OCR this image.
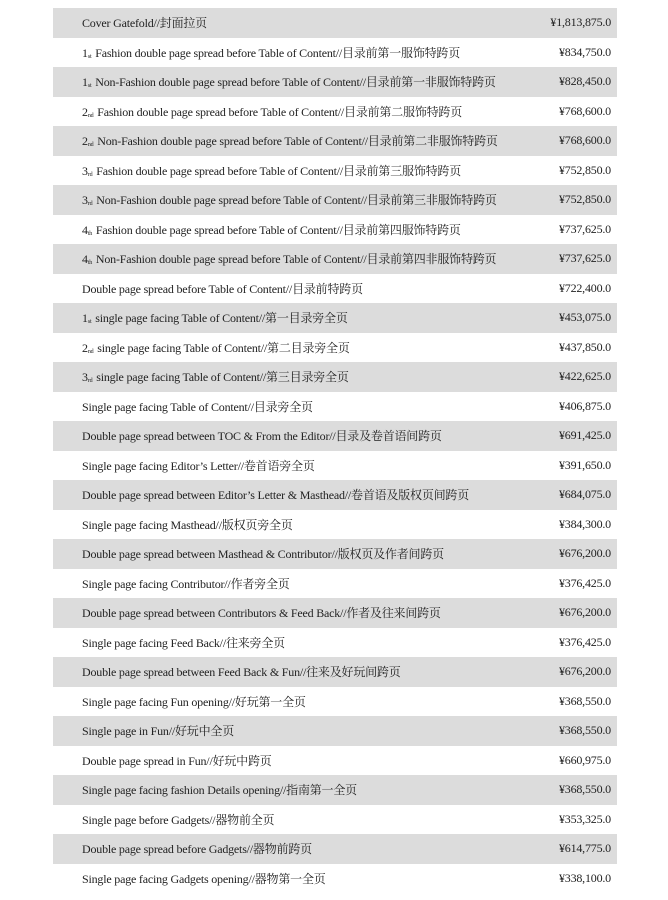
Cover Gatefold//封面拉页	¥1,813,875.0
1st Fashion double page spread before Table of Content//目录前第一服饰特跨页	¥834,750.0
1st Non-Fashion double page spread before Table of Content//目录前第一非服饰特跨页	¥828,450.0
2nd Fashion double page spread before Table of Content//目录前第二服饰特跨页	¥768,600.0
2nd Non-Fashion double page spread before Table of Content//目录前第二非服饰特跨页	¥768,600.0
3rd Fashion double page spread before Table of Content//目录前第三服饰特跨页	¥752,850.0
3rd Non-Fashion double page spread before Table of Content//目录前第三非服饰特跨页	¥752,850.0
4th Fashion double page spread before Table of Content//目录前第四服饰特跨页	¥737,625.0
4th Non-Fashion double page spread before Table of Content//目录前第四非服饰特跨页	¥737,625.0
Double page spread before Table of Content//目录前特跨页	¥722,400.0
1st single page facing Table of Content//第一目录旁全页	¥453,075.0
2nd single page facing Table of Content//第二目录旁全页	¥437,850.0
3rd single page facing Table of Content//第三目录旁全页	¥422,625.0
Single page facing Table of Content//目录旁全页	¥406,875.0
Double page spread between TOC & From the Editor//目录及卷首语间跨页	¥691,425.0
Single page facing Editor’s Letter//卷首语旁全页	¥391,650.0
Double page spread between Editor’s Letter & Masthead//卷首语及版权页间跨页	¥684,075.0
Single page facing Masthead//版权页旁全页	¥384,300.0
Double page spread between Masthead & Contributor//版权页及作者间跨页	¥676,200.0
Single page facing Contributor//作者旁全页	¥376,425.0
Double page spread between Contributors & Feed Back//作者及往来间跨页	¥676,200.0
Single page facing Feed Back//往来旁全页	¥376,425.0
Double page spread between Feed Back & Fun//往来及好玩间跨页	¥676,200.0
Single page facing Fun opening//好玩第一全页	¥368,550.0
Single page in Fun//好玩中全页	¥368,550.0
Double page spread in Fun//好玩中跨页	¥660,975.0
Single page facing fashion Details opening//指南第一全页	¥368,550.0
Single page before Gadgets//器物前全页	¥353,325.0
Double page spread before Gadgets//器物前跨页	¥614,775.0
Single page facing Gadgets opening//器物第一全页	¥338,100.0
